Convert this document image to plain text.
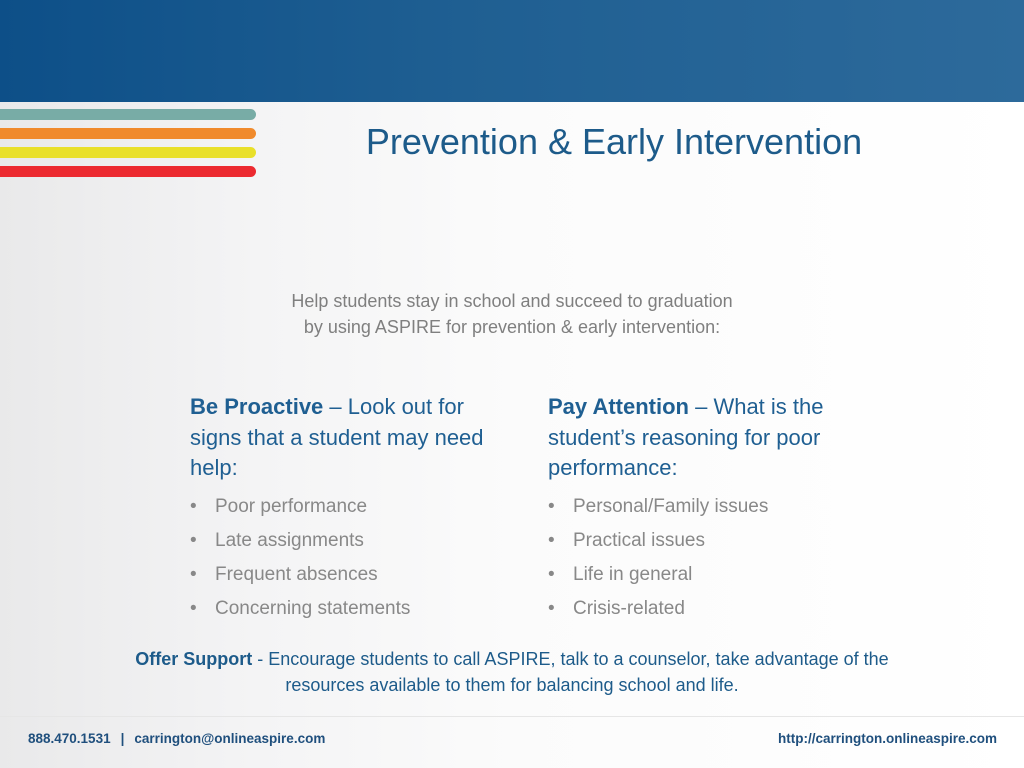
Prevention & Early Intervention
Help students stay in school and succeed to graduation
by using ASPIRE for prevention & early intervention:
Be Proactive – Look out for signs that a student may need help:
• Poor performance
• Late assignments
• Frequent absences
• Concerning statements
Pay Attention – What is the student’s reasoning for poor performance:
• Personal/Family issues
• Practical issues
• Life in general
• Crisis-related
Offer Support - Encourage students to call ASPIRE, talk to a counselor, take advantage of the resources available to them for balancing school and life.
888.470.1531 | carrington@onlineaspire.com	http://carrington.onlineaspire.com
